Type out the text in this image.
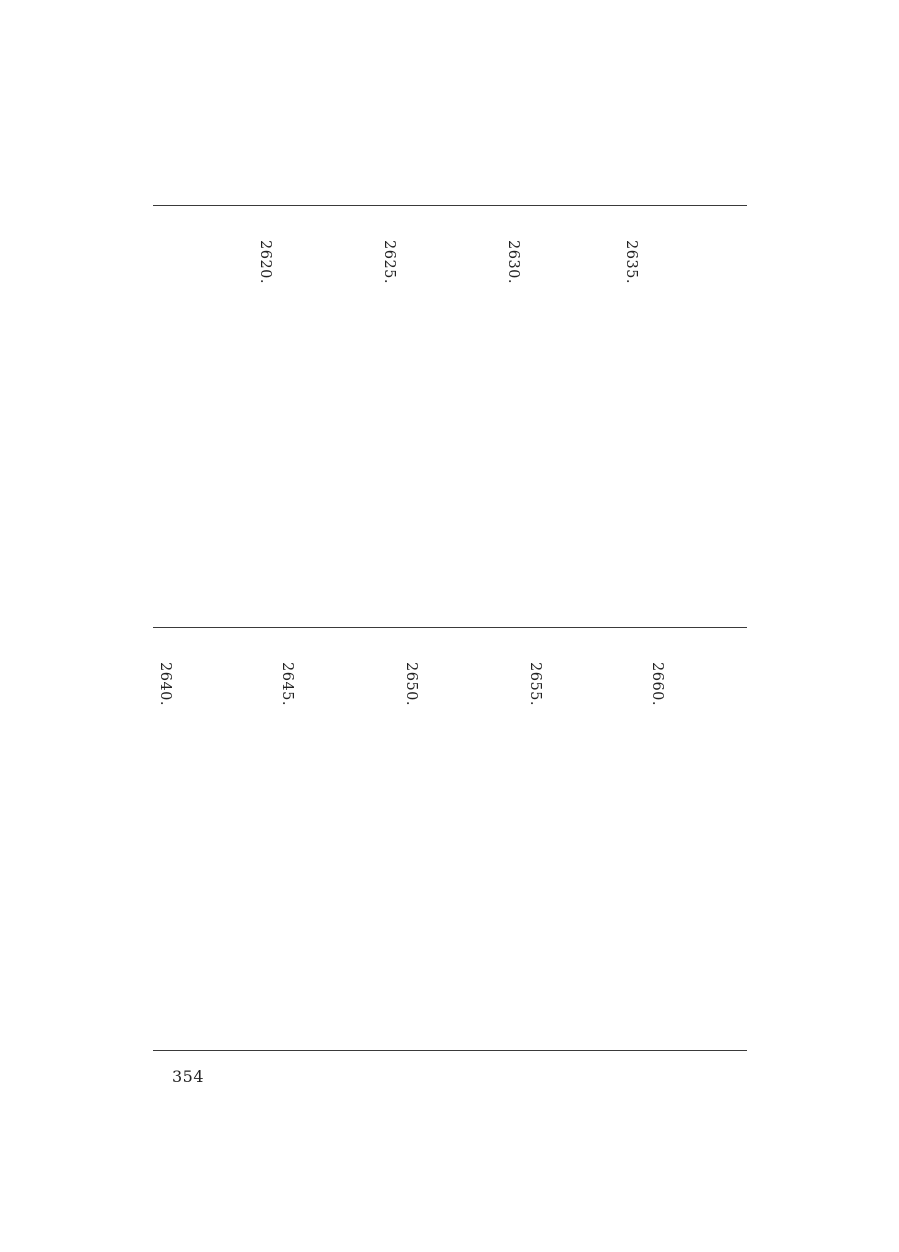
2635.
2630.
2625.
2620.
2660.
2655.
2650.
2645.
2640.
354
